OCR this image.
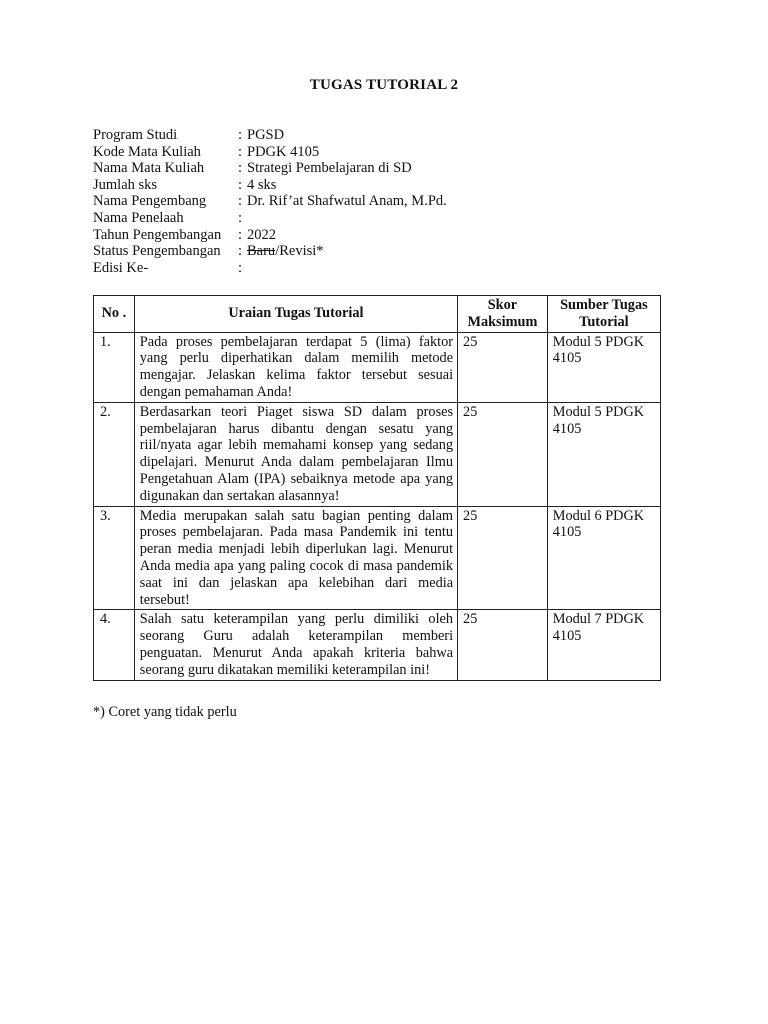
TUGAS TUTORIAL 2
Program Studi	: PGSD
Kode Mata Kuliah	: PDGK 4105
Nama Mata Kuliah	: Strategi Pembelajaran di SD
Jumlah sks	: 4 sks
Nama Pengembang	: Dr. Rif’at Shafwatul Anam, M.Pd.
Nama Penelaah	:
Tahun Pengembangan	: 2022
Status Pengembangan	: Baru/Revisi*
Edisi Ke-	:
No .	Uraian Tugas Tutorial	Skor Maksimum	Sumber Tugas Tutorial
1.	Pada proses pembelajaran terdapat 5 (lima) faktor yang perlu diperhatikan dalam memilih metode mengajar. Jelaskan kelima faktor tersebut sesuai dengan pemahaman Anda!	25	Modul 5 PDGK 4105
2.	Berdasarkan teori Piaget siswa SD dalam proses pembelajaran harus dibantu dengan sesatu yang riil/nyata agar lebih memahami konsep yang sedang dipelajari. Menurut Anda dalam pembelajaran Ilmu Pengetahuan Alam (IPA) sebaiknya metode apa yang digunakan dan sertakan alasannya!	25	Modul 5 PDGK 4105
3.	Media merupakan salah satu bagian penting dalam proses pembelajaran. Pada masa Pandemik ini tentu peran media menjadi lebih diperlukan lagi. Menurut Anda media apa yang paling cocok di masa pandemik saat ini dan jelaskan apa kelebihan dari media tersebut!	25	Modul 6 PDGK 4105
4.	Salah satu keterampilan yang perlu dimiliki oleh seorang Guru adalah keterampilan memberi penguatan. Menurut Anda apakah kriteria bahwa seorang guru dikatakan memiliki keterampilan ini!	25	Modul 7 PDGK 4105
*) Coret yang tidak perlu
